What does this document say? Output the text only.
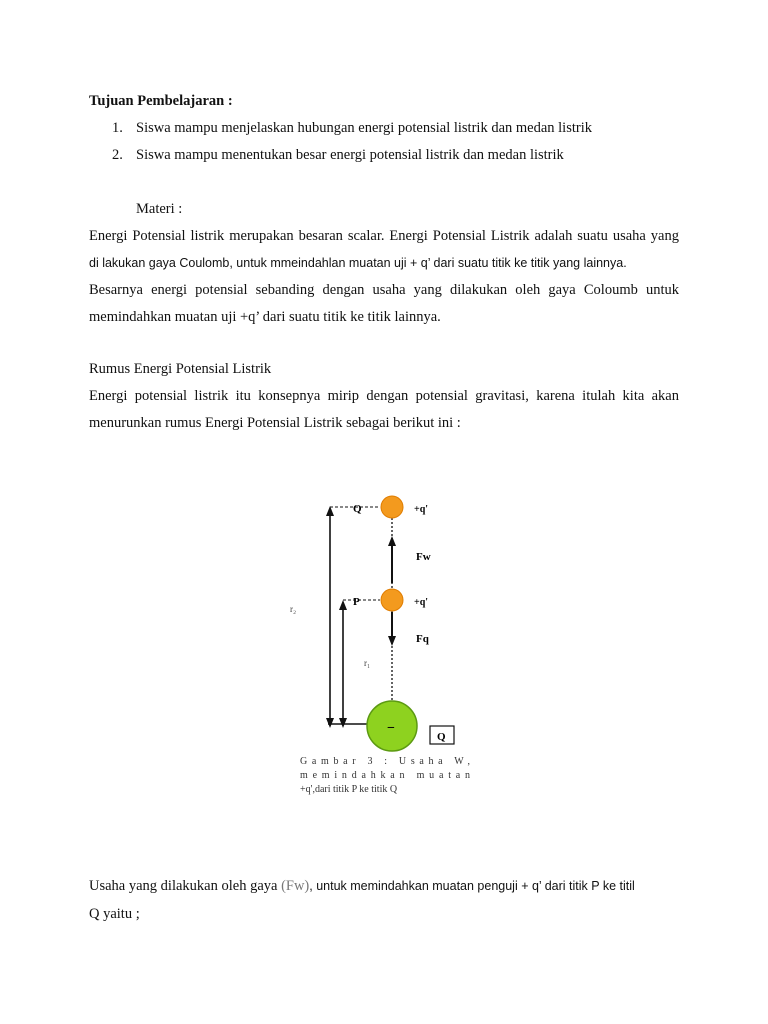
Tujuan Pembelajaran :
1. Siswa mampu menjelaskan hubungan energi potensial listrik dan medan listrik
2. Siswa mampu menentukan besar energi potensial listrik dan medan listrik
Materi :
Energi Potensial listrik merupakan besaran scalar. Energi Potensial Listrik adalah suatu usaha yang
di lakukan gaya Coulomb, untuk mmeindahlan muatan uji + q’ dari suatu titik ke titik yang lainnya.
Besarnya energi potensial sebanding dengan usaha yang dilakukan oleh gaya Coloumb untuk
memindahkan muatan uji +q’ dari suatu titik ke titik lainnya.
Rumus Energi Potensial Listrik
Energi potensial listrik itu konsepnya mirip dengan potensial gravitasi, karena itulah kita akan
menurunkan rumus Energi Potensial Listrik sebagai berikut ini :
Q
P
r₂
r₁
Fw
Fq
+q'
+q'
−
Q
Gambar 3 : Usaha W,
memindahkan muatan
+q',dari titik P ke titik Q
Usaha yang dilakukan oleh gaya (Fw), untuk memindahkan muatan penguji + q’ dari titik P ke titil
Q yaitu ;
